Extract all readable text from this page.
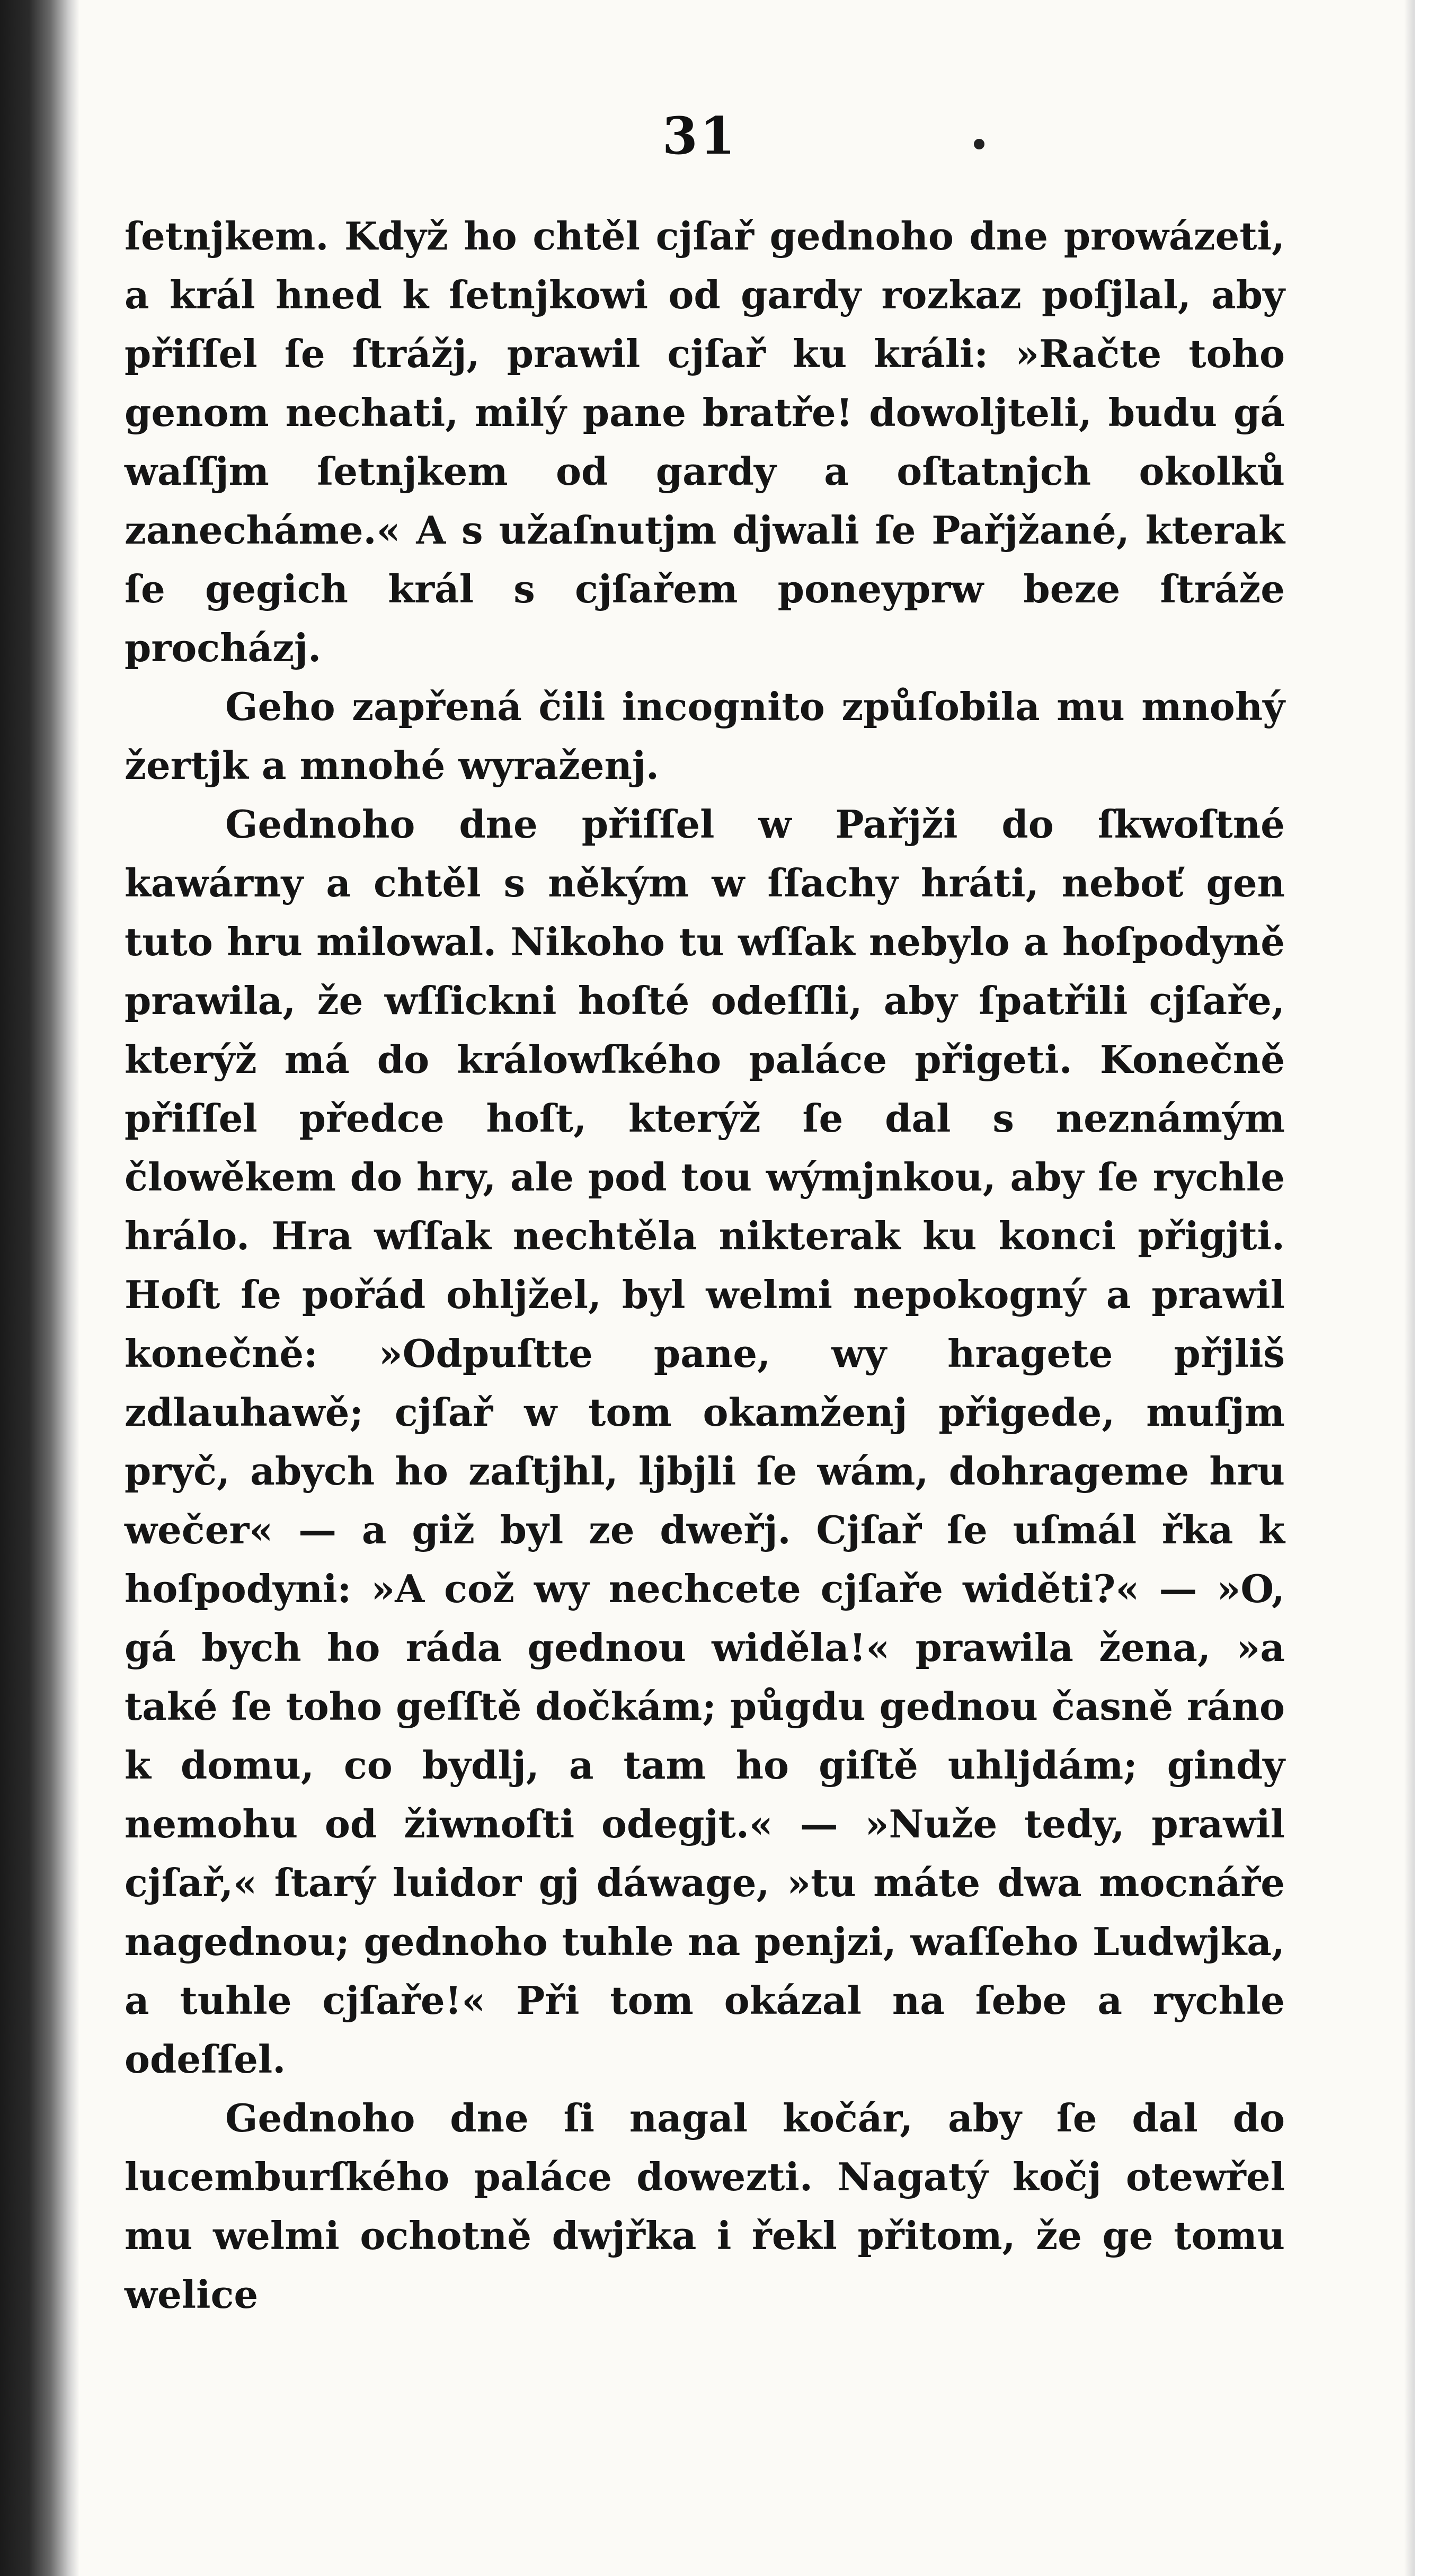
31

ſetnjkem. Když ho chtěl cjſař gednoho dne prowázeti, a král hned k ſetnjkowi od gardy rozkaz poſjlal, aby přiſſel ſe ſtrážj, prawil cjſař ku králi: »Račte toho genom nechati, milý pane bratře! dowoljteli, budu gá waſſjm ſetnjkem od gardy a oſtatnjch okolků zanecháme.« A s užaſnutjm djwali ſe Pařjžané, kterak ſe gegich král s cjſařem poneyprw beze ſtráže procházj.

Geho zapřená čili incognito způſobila mu mnohý žertjk a mnohé wyraženj.

Gednoho dne přiſſel w Pařjži do ſkwoſtné kawárny a chtěl s někým w ſſachy hráti, neboť gen tuto hru milowal. Nikoho tu wſſak nebylo a hoſpodyně prawila, že wſſickni hoſté odeſſli, aby ſpatřili cjſaře, kterýž má do králowſkého paláce přigeti. Konečně přiſſel předce hoſt, kterýž ſe dal s neznámým člowěkem do hry, ale pod tou wýmjnkou, aby ſe rychle hrálo. Hra wſſak nechtěla nikterak ku konci přigjti. Hoſt ſe pořád ohljžel, byl welmi nepokogný a prawil konečně: »Odpuſtte pane, wy hragete přjliš zdlauhawě; cjſař w tom okamženj přigede, muſjm pryč, abych ho zaſtjhl, ljbjli ſe wám, dohrageme hru wečer« — a giž byl ze dweřj. Cjſař ſe uſmál řka k hoſpodyni: »A což wy nechcete cjſaře widěti?« — »O, gá bych ho ráda gednou widěla!« prawila žena, »a také ſe toho geſſtě dočkám; půgdu gednou časně ráno k domu, co bydlj, a tam ho giſtě uhljdám; gindy nemohu od žiwnoſti odegjt.« — »Nuže tedy, prawil cjſař,« ſtarý luidor gj dáwage, »tu máte dwa mocnáře nagednou; gednoho tuhle na penjzi, waſſeho Ludwjka, a tuhle cjſaře!« Při tom okázal na ſebe a rychle odeſſel.

Gednoho dne ſi nagal kočár, aby ſe dal do lucemburſkého paláce dowezti. Nagatý kočj otewřel mu welmi ochotně dwjřka i řekl přitom, že ge tomu welice
